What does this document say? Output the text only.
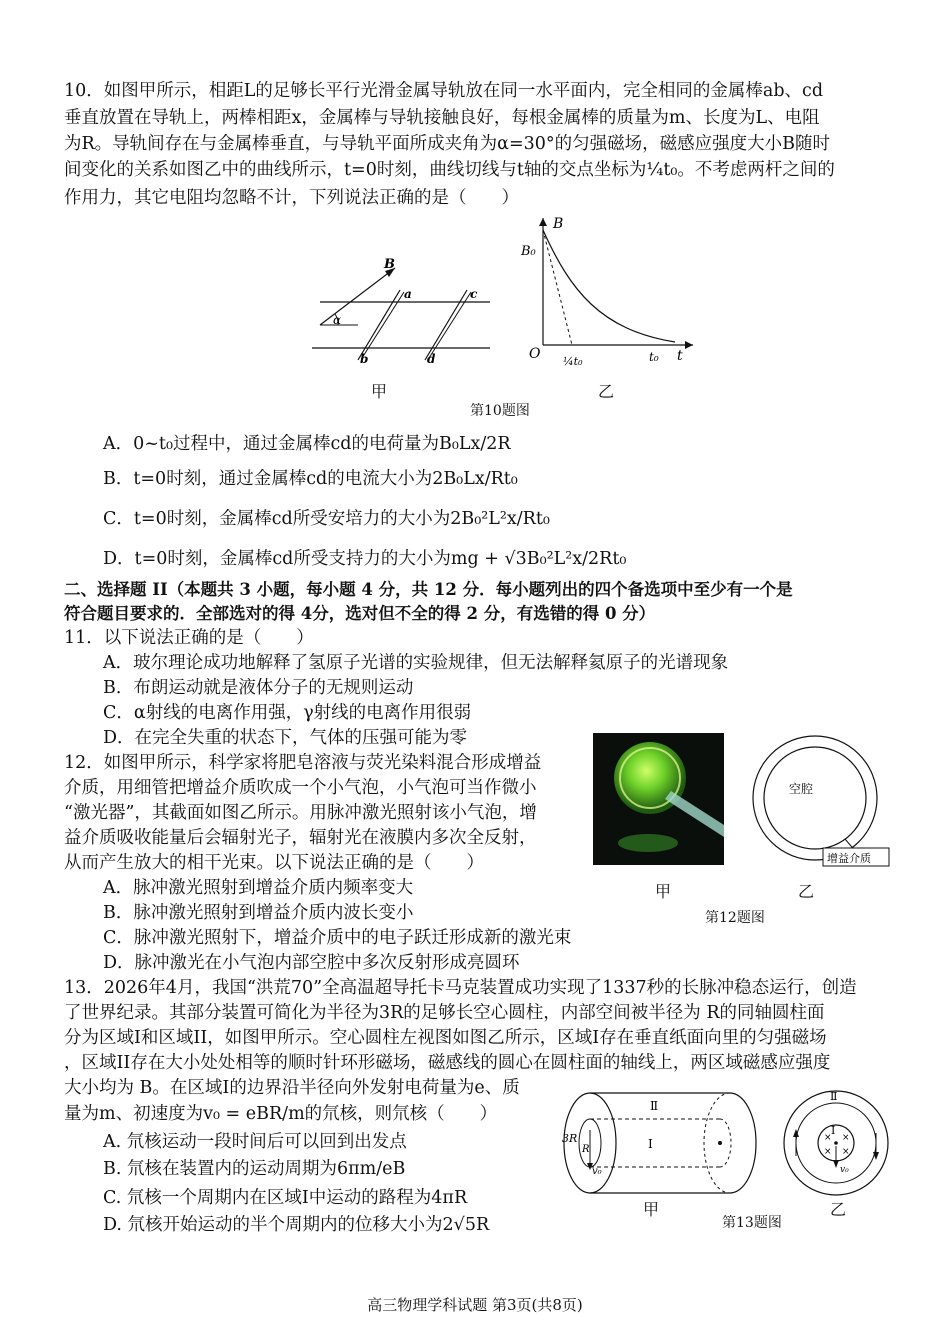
10．如图甲所示，相距L的足够长平行光滑金属导轨放在同一水平面内，完全相同的金属棒ab、cd
垂直放置在导轨上，两棒相距x，金属棒与导轨接触良好，每根金属棒的质量为m、长度为L、电阻
为R。导轨间存在与金属棒垂直，与导轨平面所成夹角为α=30°的匀强磁场，磁感应强度大小B随时
间变化的关系如图乙中的曲线所示，t=0时刻，曲线切线与t轴的交点坐标为¼t₀。不考虑两杆之间的
作用力，其它电阻均忽略不计，下列说法正确的是（　　）
B
α
a
b
c
d
B
B₀
O ¼t₀	t₀ t
甲	乙
第10题图
A．0~t₀过程中，通过金属棒cd的电荷量为B₀Lx/2R
B．t=0时刻，通过金属棒cd的电流大小为2B₀Lx/Rt₀
C．t=0时刻，金属棒cd所受安培力的大小为2B₀²L²x/Rt₀
D．t=0时刻，金属棒cd所受支持力的大小为mg + √3B₀²L²x/2Rt₀
二、选择题 II（本题共 3 小题，每小题 4 分，共 12 分．每小题列出的四个备选项中至少有一个是
符合题目要求的．全部选对的得 4分，选对但不全的得 2 分，有选错的得 0 分）
11．以下说法正确的是（　　）
A．玻尔理论成功地解释了氢原子光谱的实验规律，但无法解释氦原子的光谱现象
B．布朗运动就是液体分子的无规则运动
C．α射线的电离作用强，γ射线的电离作用很弱
D．在完全失重的状态下，气体的压强可能为零
12．如图甲所示，科学家将肥皂溶液与荧光染料混合形成增益
介质，用细管把增益介质吹成一个小气泡，小气泡可当作微小
“激光器”，其截面如图乙所示。用脉冲激光照射该小气泡，增
益介质吸收能量后会辐射光子，辐射光在液膜内多次全反射，
从而产生放大的相干光束。以下说法正确的是（　　）
A．脉冲激光照射到增益介质内频率变大
B．脉冲激光照射到增益介质内波长变小
C．脉冲激光照射下，增益介质中的电子跃迁形成新的激光束
D．脉冲激光在小气泡内部空腔中多次反射形成亮圆环
空腔
增益介质
甲	乙
第12题图
13．2026年4月，我国“洪荒70”全高温超导托卡马克装置成功实现了1337秒的长脉冲稳态运行，创造
了世界纪录。其部分装置可简化为半径为3R的足够长空心圆柱，内部空间被半径为 R的同轴圆柱面
分为区域I和区域II，如图甲所示。空心圆柱左视图如图乙所示，区域I存在垂直纸面向里的匀强磁场
，区域II存在大小处处相等的顺时针环形磁场，磁感线的圆心在圆柱面的轴线上，两区域磁感应强度
大小均为 B。在区域I的边界沿半径向外发射电荷量为e、质
量为m、初速度为v₀ = eBR/m的氘核，则氘核（　　）
A. 氘核运动一段时间后可以回到出发点
B. 氘核在装置内的运动周期为6πm/eB
C. 氘核一个周期内在区域I中运动的路程为4πR
D. 氘核开始运动的半个周期内的位移大小为2√5R
Ⅱ
Ⅰ
3R
R
v₀
× ×
× ×
Ⅰ
Ⅱ
v₀
甲	乙
第13题图
高三物理学科试题 第3页(共8页)
